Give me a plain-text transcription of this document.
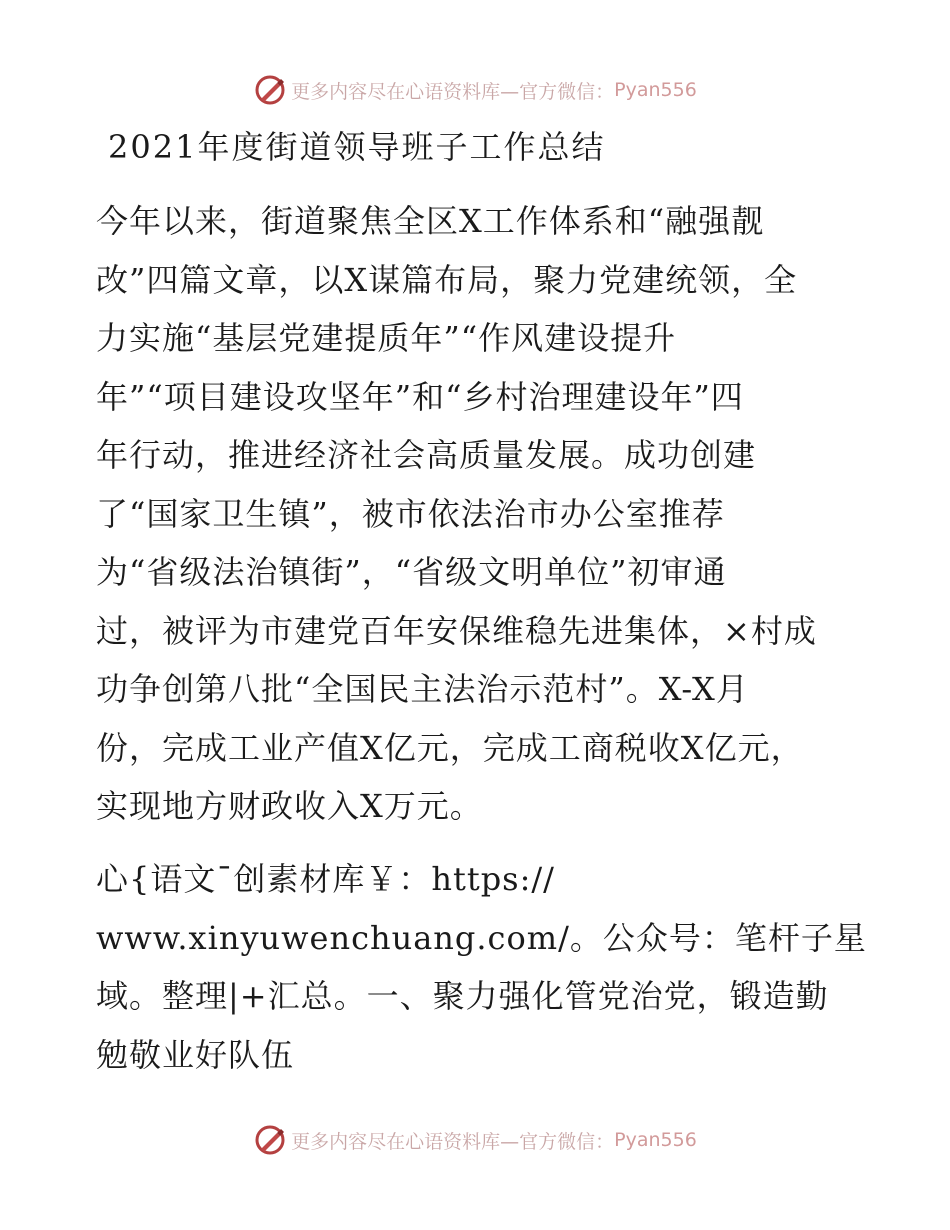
更多内容尽在心语资料库—官方微信： Pyan556
2021年度街道领导班子工作总结
今年以来，街道聚焦全区X工作体系和“融强靓
改”四篇文章，以X谋篇布局，聚力党建统领，全
力实施“基层党建提质年”“作风建设提升
年”“项目建设攻坚年”和“乡村治理建设年”四
年行动，推进经济社会高质量发展。成功创建
了“国家卫生镇”，被市依法治市办公室推荐
为“省级法治镇街”，“省级文明单位”初审通
过，被评为市建党百年安保维稳先进集体，×村成
功争创第八批“全国民主法治示范村”。X-X月
份，完成工业产值X亿元，完成工商税收X亿元，
实现地方财政收入X万元。
心{语文¯创素材库￥：https://
www.xinyuwenchuang.com/。公众号：笔杆子星
域。整理|+汇总。一、聚力强化管党治党，锻造勤
勉敬业好队伍
更多内容尽在心语资料库—官方微信： Pyan556
